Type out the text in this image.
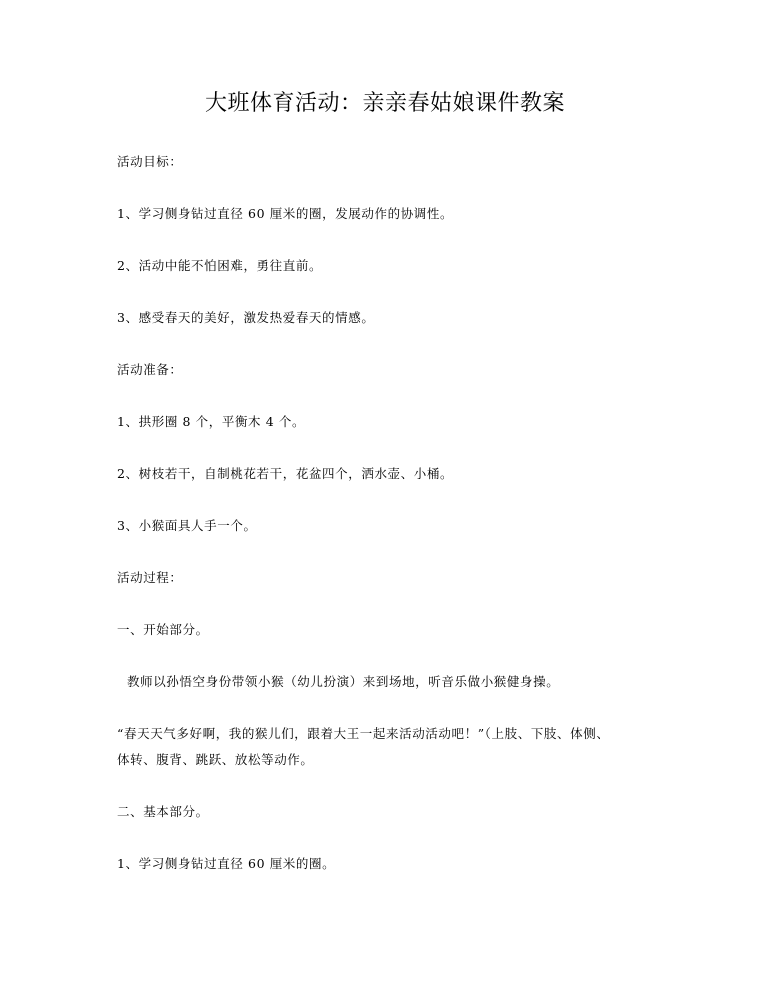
大班体育活动：亲亲春姑娘课件教案
活动目标：
1、学习侧身钻过直径 60 厘米的圈，发展动作的协调性。
2、活动中能不怕困难，勇往直前。
3、感受春天的美好，激发热爱春天的情感。
活动准备：
1、拱形圈 8 个，平衡木 4 个。
2、树枝若干，自制桃花若干，花盆四个，洒水壶、小桶。
3、小猴面具人手一个。
活动过程：
一、开始部分。
教师以孙悟空身份带领小猴（幼儿扮演）来到场地，听音乐做小猴健身操。
“春天天气多好啊，我的猴儿们，跟着大王一起来活动活动吧！”（上肢、下肢、体侧、
体转、腹背、跳跃、放松等动作。
二、基本部分。
1、学习侧身钻过直径 60 厘米的圈。
